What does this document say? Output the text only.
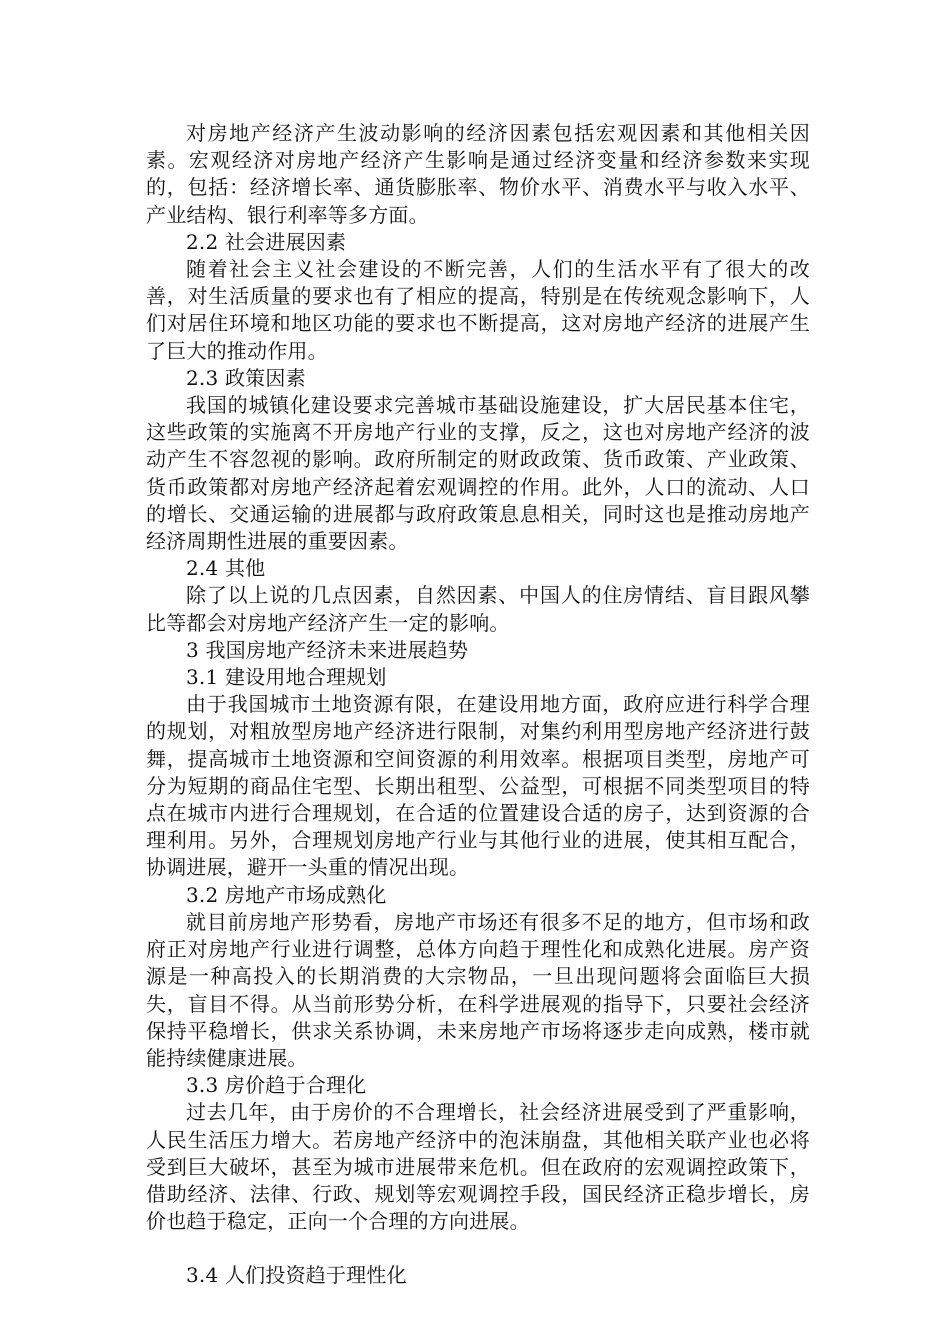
对房地产经济产生波动影响的经济因素包括宏观因素和其他相关因素。宏观经济对房地产经济产生影响是通过经济变量和经济参数来实现的，包括：经济增长率、通货膨胀率、物价水平、消费水平与收入水平、产业结构、银行利率等多方面。

2.2 社会进展因素

随着社会主义社会建设的不断完善，人们的生活水平有了很大的改善，对生活质量的要求也有了相应的提高，特别是在传统观念影响下，人们对居住环境和地区功能的要求也不断提高，这对房地产经济的进展产生了巨大的推动作用。

2.3 政策因素

我国的城镇化建设要求完善城市基础设施建设，扩大居民基本住宅，这些政策的实施离不开房地产行业的支撑，反之，这也对房地产经济的波动产生不容忽视的影响。政府所制定的财政政策、货币政策、产业政策、货币政策都对房地产经济起着宏观调控的作用。此外，人口的流动、人口的增长、交通运输的进展都与政府政策息息相关，同时这也是推动房地产经济周期性进展的重要因素。

2.4 其他

除了以上说的几点因素，自然因素、中国人的住房情结、盲目跟风攀比等都会对房地产经济产生一定的影响。

3 我国房地产经济未来进展趋势

3.1 建设用地合理规划

由于我国城市土地资源有限，在建设用地方面，政府应进行科学合理的规划，对粗放型房地产经济进行限制，对集约利用型房地产经济进行鼓舞，提高城市土地资源和空间资源的利用效率。根据项目类型，房地产可分为短期的商品住宅型、长期出租型、公益型，可根据不同类型项目的特点在城市内进行合理规划，在合适的位置建设合适的房子，达到资源的合理利用。另外，合理规划房地产行业与其他行业的进展，使其相互配合，协调进展，避开一头重的情况出现。

3.2 房地产市场成熟化

就目前房地产形势看，房地产市场还有很多不足的地方，但市场和政府正对房地产行业进行调整，总体方向趋于理性化和成熟化进展。房产资源是一种高投入的长期消费的大宗物品，一旦出现问题将会面临巨大损失，盲目不得。从当前形势分析，在科学进展观的指导下，只要社会经济保持平稳增长，供求关系协调，未来房地产市场将逐步走向成熟，楼市就能持续健康进展。

3.3 房价趋于合理化

过去几年，由于房价的不合理增长，社会经济进展受到了严重影响，人民生活压力增大。若房地产经济中的泡沫崩盘，其他相关联产业也必将受到巨大破坏，甚至为城市进展带来危机。但在政府的宏观调控政策下，借助经济、法律、行政、规划等宏观调控手段，国民经济正稳步增长，房价也趋于稳定，正向一个合理的方向进展。

3.4 人们投资趋于理性化
